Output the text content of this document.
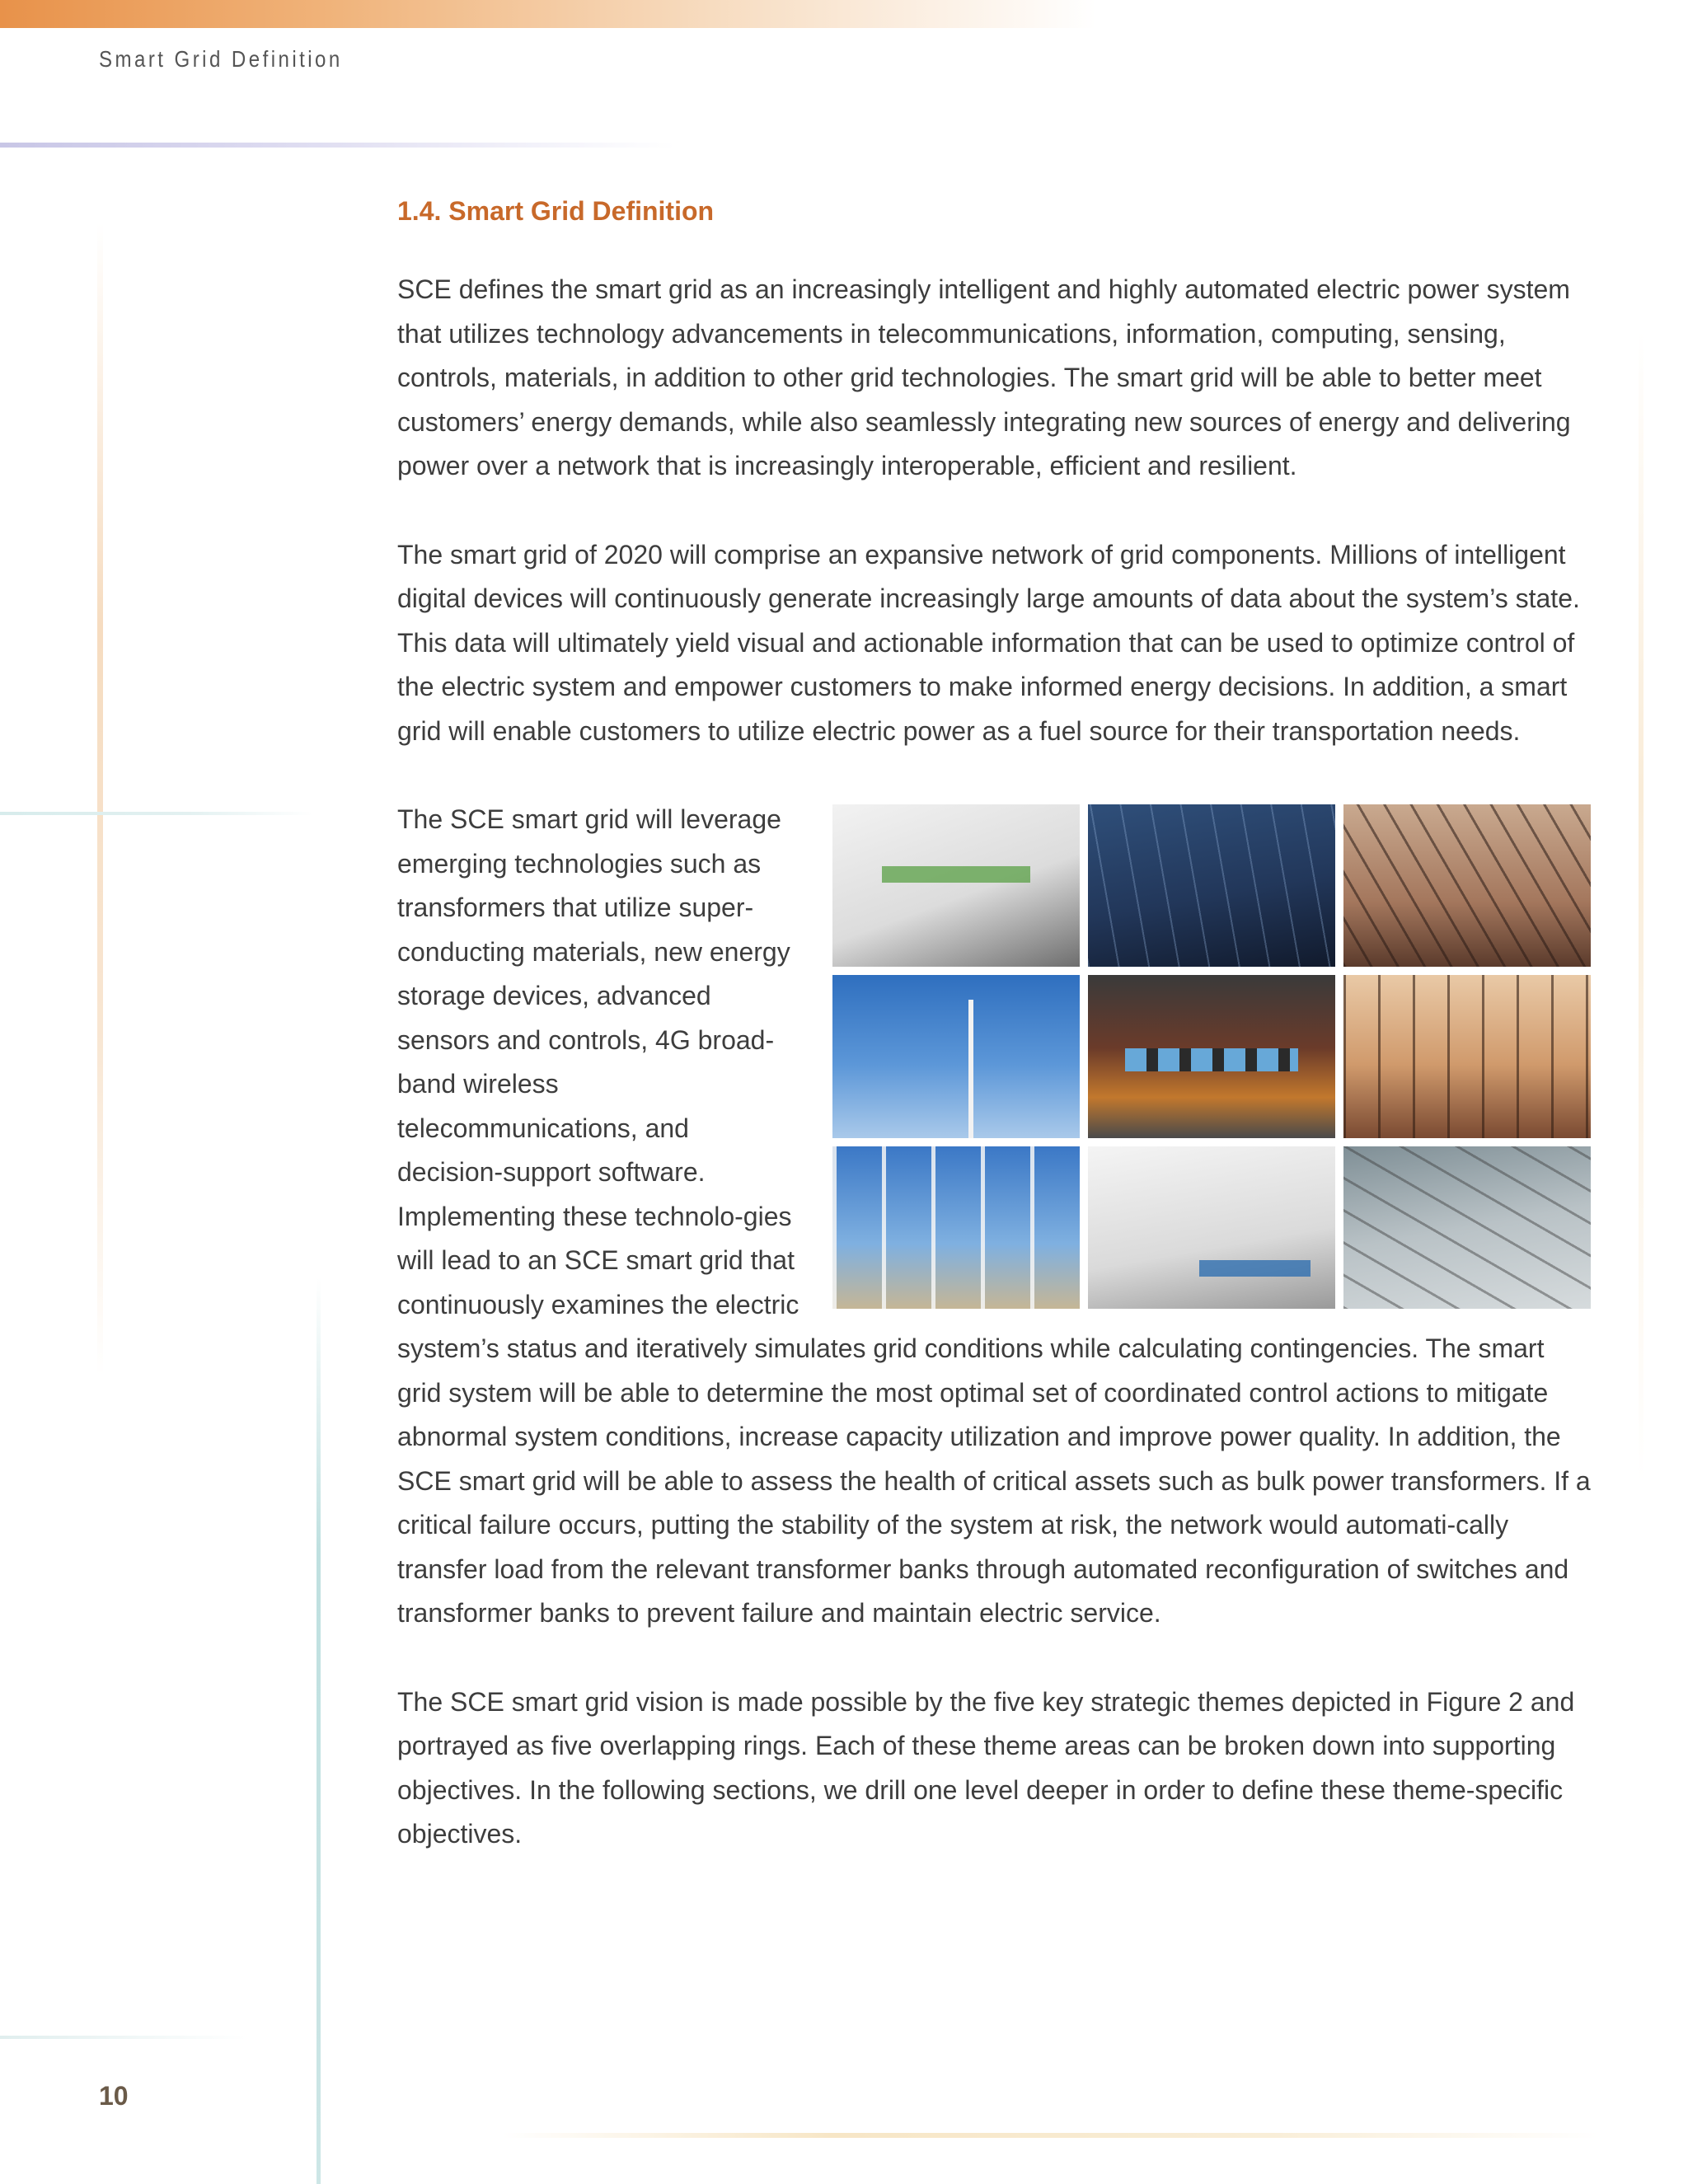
Smart Grid Definition
1.4. Smart Grid Definition

SCE defines the smart grid as an increasingly intelligent and highly automated electric power system that utilizes technology advancements in telecommunications, information, computing, sensing, controls, materials, in addition to other grid technologies. The smart grid will be able to better meet customers’ energy demands, while also seamlessly integrating new sources of energy and delivering power over a network that is increasingly interoperable, efficient and resilient.

The smart grid of 2020 will comprise an expansive network of grid components. Millions of intelligent digital devices will continuously generate increasingly large amounts of data about the system’s state. This data will ultimately yield visual and actionable information that can be used to optimize control of the electric system and empower customers to make informed energy decisions. In addition, a smart grid will enable customers to utilize electric power as a fuel source for their transportation needs.

The SCE smart grid will leverage emerging technologies such as transformers that utilize super-conducting materials, new energy storage devices, advanced sensors and controls, 4G broad-band wireless telecommunications, and decision-support software. Implementing these technolo-gies will lead to an SCE smart grid that continuously examines the electric system’s status and iteratively simulates grid conditions while calculating contingencies. The smart grid system will be able to determine the most optimal set of coordinated control actions to mitigate abnormal system conditions, increase capacity utilization and improve power quality. In addition, the SCE smart grid will be able to assess the health of critical assets such as bulk power transformers. If a critical failure occurs, putting the stability of the system at risk, the network would automati-cally transfer load from the relevant transformer banks through automated reconfiguration of switches and transformer banks to prevent failure and maintain electric service.

The SCE smart grid vision is made possible by the five key strategic themes depicted in Figure 2 and portrayed as five overlapping rings. Each of these theme areas can be broken down into supporting objectives. In the following sections, we drill one level deeper in order to define these theme-specific objectives.

10
